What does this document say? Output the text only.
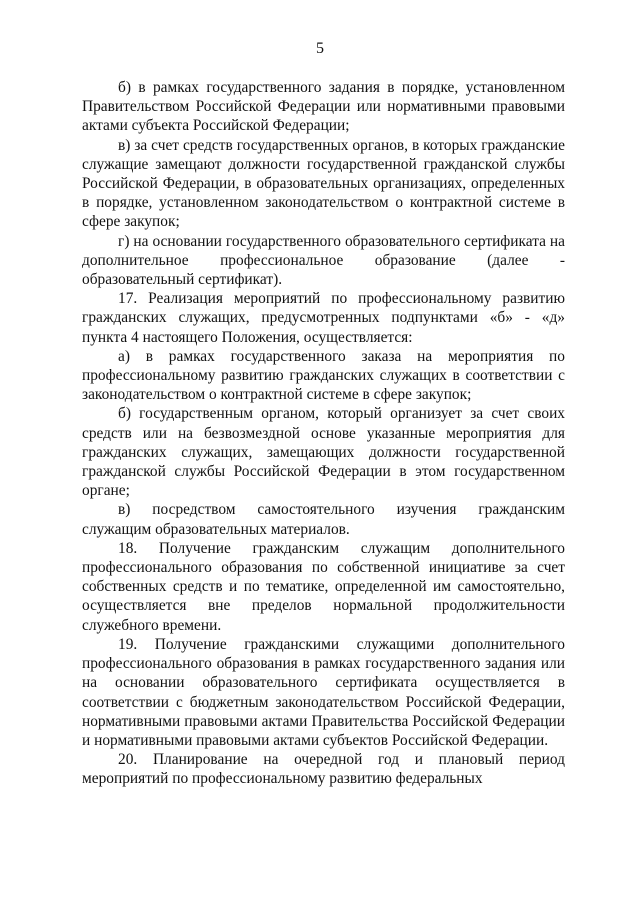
5

б) в рамках государственного задания в порядке, установленном Правительством Российской Федерации или нормативными правовыми актами субъекта Российской Федерации;

в) за счет средств государственных органов, в которых гражданские служащие замещают должности государственной гражданской службы Российской Федерации, в образовательных организациях, определенных в порядке, установленном законодательством о контрактной системе в сфере закупок;

г) на основании государственного образовательного сертификата на дополнительное профессиональное образование (далее - образовательный сертификат).

17. Реализация мероприятий по профессиональному развитию гражданских служащих, предусмотренных подпунктами «б» - «д» пункта 4 настоящего Положения, осуществляется:

а) в рамках государственного заказа на мероприятия по профессиональному развитию гражданских служащих в соответствии с законодательством о контрактной системе в сфере закупок;

б) государственным органом, который организует за счет своих средств или на безвозмездной основе указанные мероприятия для гражданских служащих, замещающих должности государственной гражданской службы Российской Федерации в этом государственном органе;

в) посредством самостоятельного изучения гражданским служащим образовательных материалов.

18. Получение гражданским служащим дополнительного профессионального образования по собственной инициативе за счет собственных средств и по тематике, определенной им самостоятельно, осуществляется вне пределов нормальной продолжительности служебного времени.

19. Получение гражданскими служащими дополнительного профессионального образования в рамках государственного задания или на основании образовательного сертификата осуществляется в соответствии с бюджетным законодательством Российской Федерации, нормативными правовыми актами Правительства Российской Федерации и нормативными правовыми актами субъектов Российской Федерации.

20. Планирование на очередной год и плановый период мероприятий по профессиональному развитию федеральных
